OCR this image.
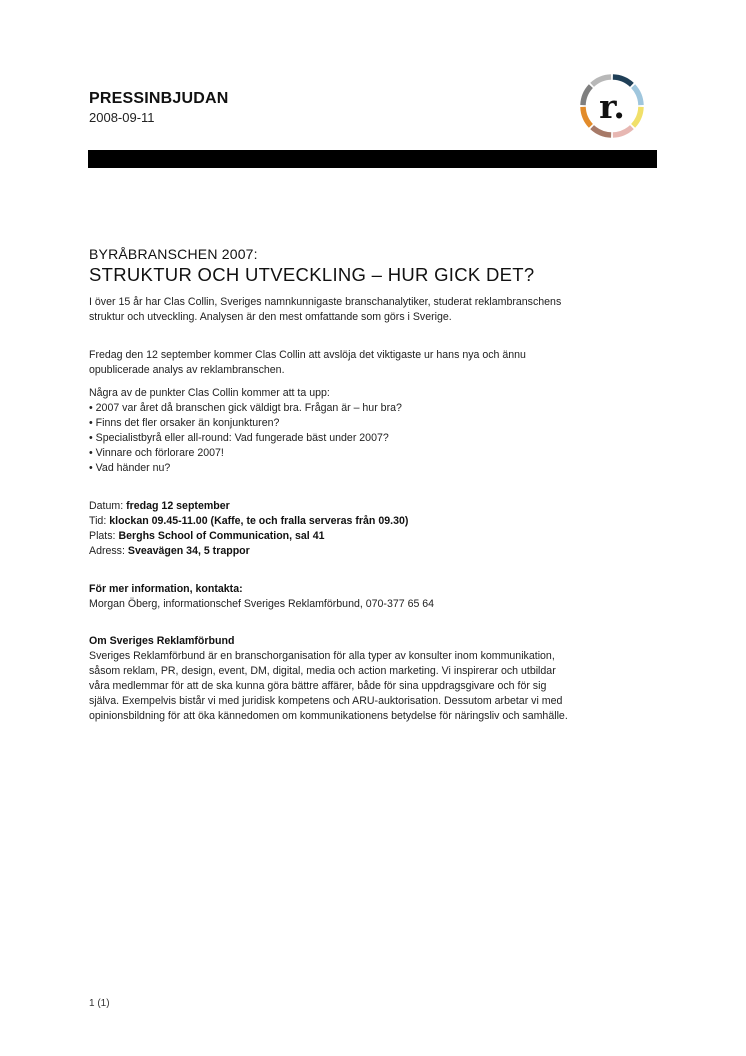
PRESSINBJUDAN
2008-09-11	r.
BYRÅBRANSCHEN 2007:
STRUKTUR OCH UTVECKLING – HUR GICK DET?
I över 15 år har Clas Collin, Sveriges namnkunnigaste branschanalytiker, studerat reklambranschens struktur och utveckling. Analysen är den mest omfattande som görs i Sverige.
Fredag den 12 september kommer Clas Collin att avslöja det viktigaste ur hans nya och ännu opublicerade analys av reklambranschen.
Några av de punkter Clas Collin kommer att ta upp:
• 2007 var året då branschen gick väldigt bra. Frågan är – hur bra?
• Finns det fler orsaker än konjunkturen?
• Specialistbyrå eller all-round: Vad fungerade bäst under 2007?
• Vinnare och förlorare 2007!
• Vad händer nu?
Datum: fredag 12 september
Tid: klockan 09.45-11.00 (Kaffe, te och fralla serveras från 09.30)
Plats: Berghs School of Communication, sal 41
Adress: Sveavägen 34, 5 trappor
För mer information, kontakta:
Morgan Öberg, informationschef Sveriges Reklamförbund, 070-377 65 64
Om Sveriges Reklamförbund
Sveriges Reklamförbund är en branschorganisation för alla typer av konsulter inom kommunikation, såsom reklam, PR, design, event, DM, digital, media och action marketing. Vi inspirerar och utbildar våra medlemmar för att de ska kunna göra bättre affärer, både för sina uppdragsgivare och för sig själva. Exempelvis bistår vi med juridisk kompetens och ARU-auktorisation. Dessutom arbetar vi med opinionsbildning för att öka kännedomen om kommunikationens betydelse för näringsliv och samhälle.
1 (1)
